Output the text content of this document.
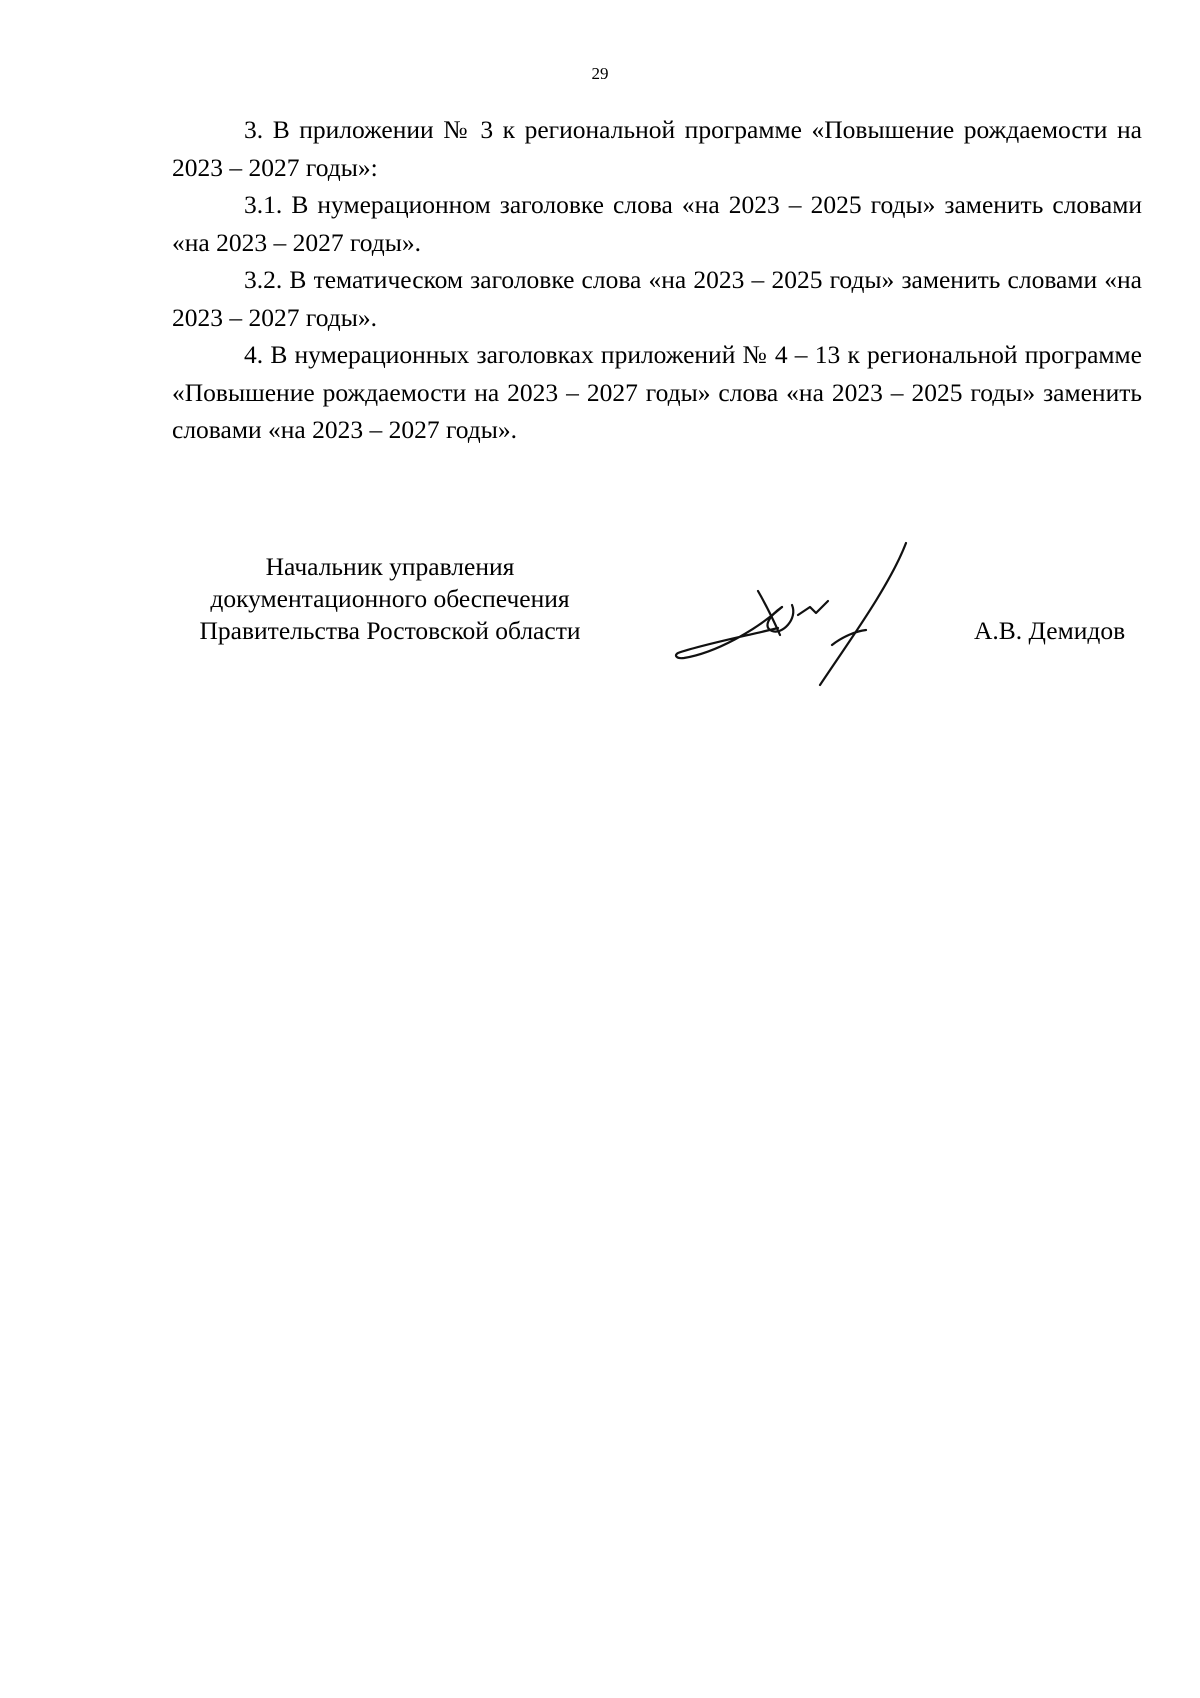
29

3. В приложении № 3 к региональной программе «Повышение рождаемости на 2023 – 2027 годы»:

3.1. В нумерационном заголовке слова «на 2023 – 2025 годы» заменить словами «на 2023 – 2027 годы».

3.2. В тематическом заголовке слова «на 2023 – 2025 годы» заменить словами «на 2023 – 2027 годы».

4. В нумерационных заголовках приложений № 4 – 13 к региональной программе «Повышение рождаемости на 2023 – 2027 годы» слова «на 2023 – 2025 годы» заменить словами «на 2023 – 2027 годы».

Начальник управления
документационного обеспечения
Правительства Ростовской области	А.В. Демидов
